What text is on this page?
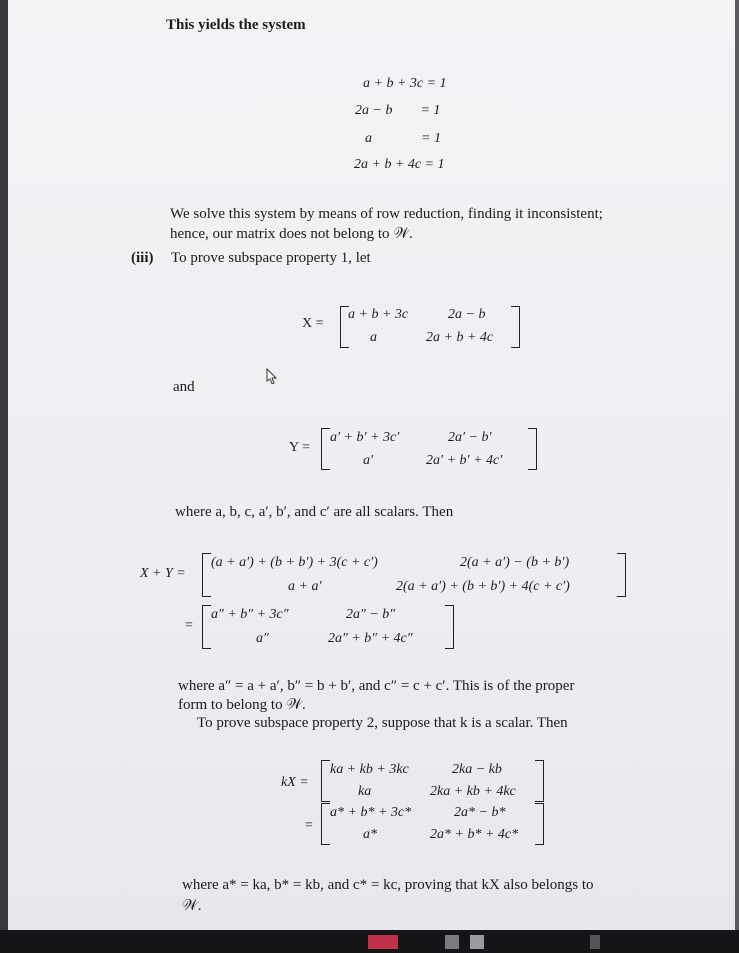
This yields the system
a + b + 3c = 1
2a − b        = 1
a              = 1
2a + b + 4c = 1
We solve this system by means of row reduction, finding it inconsistent;
hence, our matrix does not belong to 𝒲.
(iii) To prove subspace property 1, let
X =
a + b + 3c	2a − b
a	2a + b + 4c
and
Y =
a′ + b′ + 3c′	2a′ − b′
a′	2a′ + b′ + 4c′
where a, b, c, a′, b′, and c′ are all scalars. Then
X + Y =
(a + a′) + (b + b′) + 3(c + c′)	2(a + a′) − (b + b′)
a + a′	2(a + a′) + (b + b′) + 4(c + c′)
=
a″ + b″ + 3c″	2a″ − b″
a″	2a″ + b″ + 4c″
where a″ = a + a′, b″ = b + b′, and c″ = c + c′. This is of the proper
form to belong to 𝒲.
To prove subspace property 2, suppose that k is a scalar. Then
kX =
ka + kb + 3kc	2ka − kb
ka	2ka + kb + 4kc
=
a* + b* + 3c*	2a* − b*
a*	2a* + b* + 4c*
where a* = ka, b* = kb, and c* = kc, proving that kX also belongs to
𝒲.
